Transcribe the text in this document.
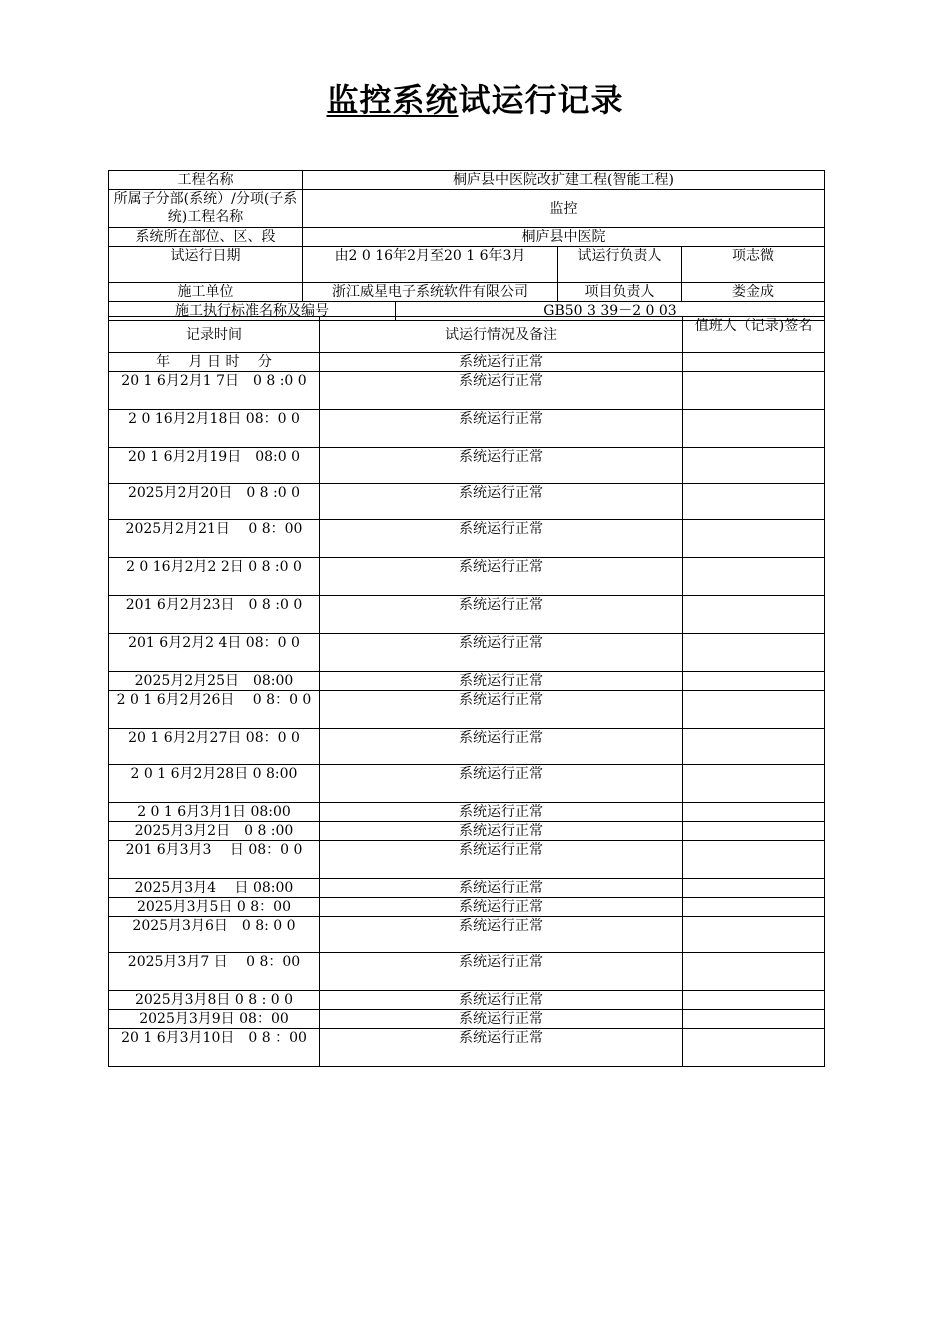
监控系统试运行记录
工程名称	桐庐县中医院改扩建工程(智能工程)			
所属子分部(系统）/分项(子系统)工程名称	监控			
系统所在部位、区、段	桐庐县中医院			
试运行日期	由2 0 16年2月至20 1 6年3月		试运行负责人	项志微
施工单位	浙江威星电子系统软件有限公司		项目负责人	娄金成
施工执行标准名称及编号		GB50 3 39－2 0 03		
记录时间	试运行情况及备注	值班人（记录)签名
年　 月 日 时　 分	系统运行正常	
20 1 6月2月1 7日　0 8 :0 0	系统运行正常	
2 0 16月2月18日 08：0 0	系统运行正常	
20 1 6月2月19日　08:0 0	系统运行正常	
2025月2月20日　0 8 :0 0	系统运行正常	
2025月2月21日　 0 8：00	系统运行正常	
2 0 16月2月2 2日 0 8 :0 0	系统运行正常	
201 6月2月23日　0 8 :0 0	系统运行正常	
201 6月2月2 4日 08：0 0	系统运行正常	
2025月2月25日　08:00	系统运行正常	
2 0 1 6月2月26日　 0 8：0 0	系统运行正常	
20 1 6月2月27日 08：0 0	系统运行正常	
2 0 1 6月2月28日 0 8:00	系统运行正常	
2 0 1 6月3月1日 08:00	系统运行正常	
2025月3月2日　0 8 :00	系统运行正常	
201 6月3月3　 日 08：0 0	系统运行正常	
2025月3月4　 日 08:00	系统运行正常	
2025月3月5日 0 8：00	系统运行正常	
2025月3月6日　0 8: 0 0	系统运行正常	
2025月3月7 日　 0 8：00	系统运行正常	
2025月3月8日 0 8 : 0 0	系统运行正常	
2025月3月9日 08：00	系统运行正常	
20 1 6月3月10日　0 8 ：00	系统运行正常	
